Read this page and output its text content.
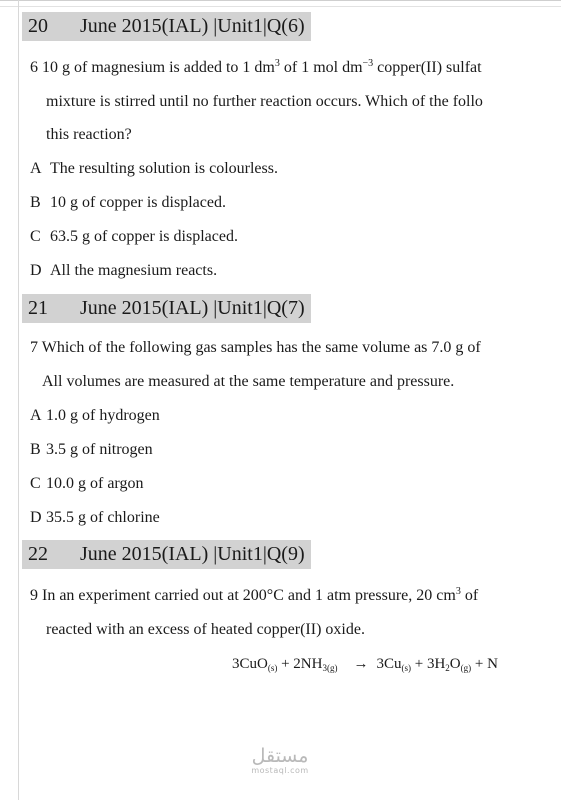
20 June 2015(IAL) |Unit1|Q(6)
6 10 g of magnesium is added to 1 $dm^3$ of 1 mol $dm^{-3}$ copper(II) sulfat
mixture is stirred until no further reaction occurs. Which of the follo
this reaction?
A The resulting solution is colourless.
B 10 g of copper is displaced.
C 63.5 g of copper is displaced.
D All the magnesium reacts.
21 June 2015(IAL) |Unit1|Q(7)
7 Which of the following gas samples has the same volume as 7.0 g of
All volumes are measured at the same temperature and pressure.
A 1.0 g of hydrogen
B 3.5 g of nitrogen
C 10.0 g of argon
D 35.5 g of chlorine
22 June 2015(IAL) |Unit1|Q(9)
9 In an experiment carried out at 200°C and 1 atm pressure, 20 $cm^3$ of
reacted with an excess of heated copper(II) oxide.
$3CuO_{(s)} + 2NH_{3(g)} \to 3Cu_{(s)} + 3H_2O_{(g)} + N$
مستقل
mostaql.com
